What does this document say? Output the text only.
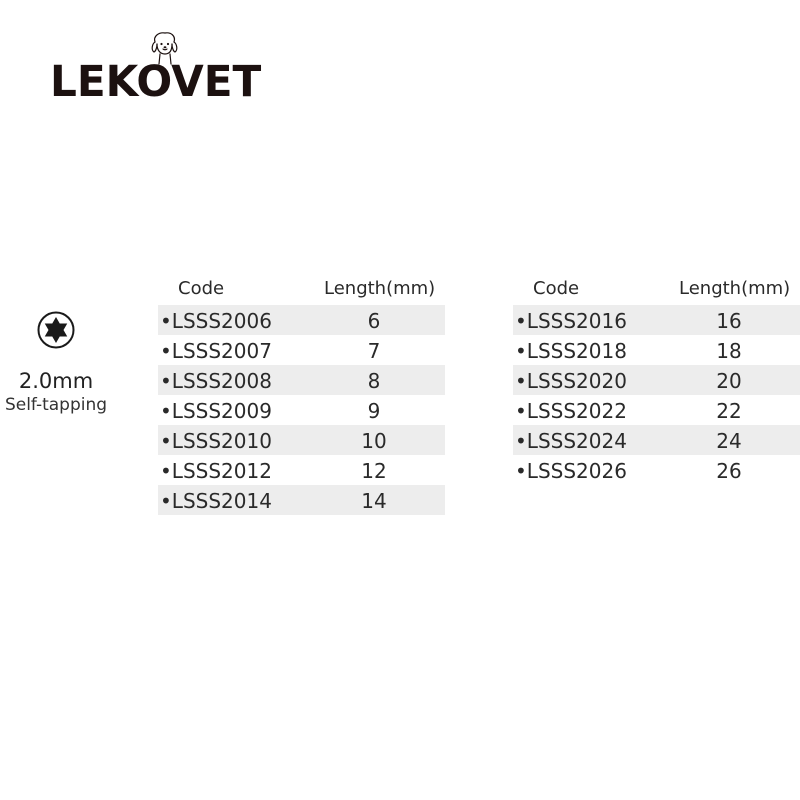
LEKOVET
2.0mm
Self-tapping
Code	Length(mm)
•LSSS2006	6
•LSSS2007	7
•LSSS2008	8
•LSSS2009	9
•LSSS2010	10
•LSSS2012	12
•LSSS2014	14
Code	Length(mm)
•LSSS2016	16
•LSSS2018	18
•LSSS2020	20
•LSSS2022	22
•LSSS2024	24
•LSSS2026	26
